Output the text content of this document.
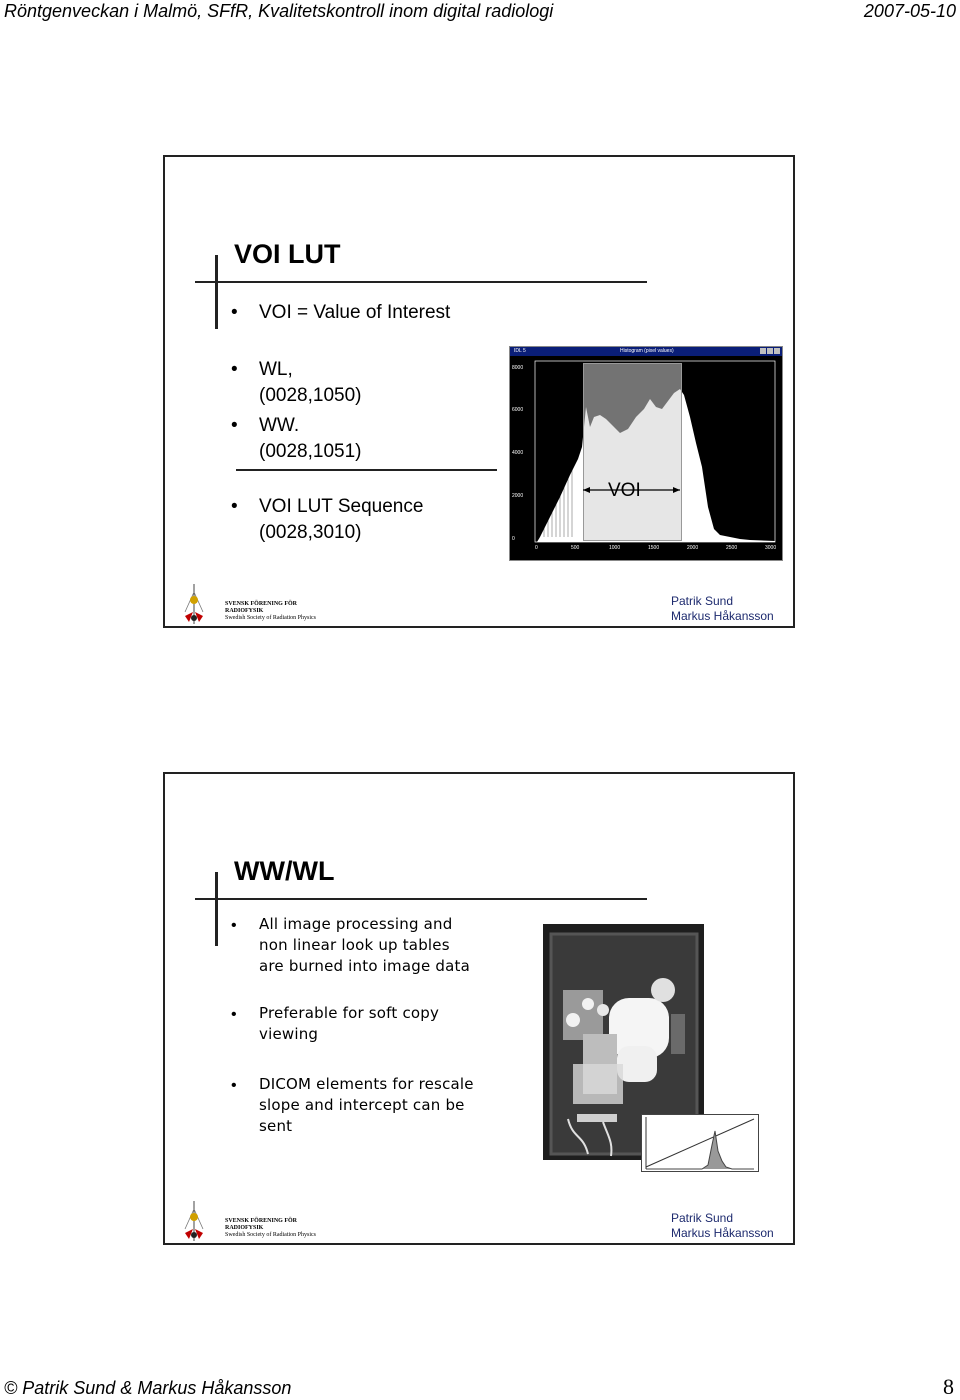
Röntgenveckan i Malmö, SFfR, Kvalitetskontroll inom digital radiologi	2007-05-10
VOI LUT
VOI = Value of Interest
WL,
(0028,1050)
WW.
(0028,1051)
VOI LUT Sequence
(0028,3010)
IDL 5	Histogram (pixel values)
8000
6000
4000
2000
0
0	500	1000	1500	2000	2500	3000
VOI
SVENSK FÖRENING FÖR
RADIOFYSIK
Swedish Society of Radiation Physics
Patrik Sund
Markus Håkansson
WW/WL
All image processing and
non linear look up tables
are burned into image data
Preferable for soft copy
viewing
DICOM elements for rescale
slope and intercept can be
sent
SVENSK FÖRENING FÖR
RADIOFYSIK
Swedish Society of Radiation Physics
Patrik Sund
Markus Håkansson
© Patrik Sund & Markus Håkansson	8
